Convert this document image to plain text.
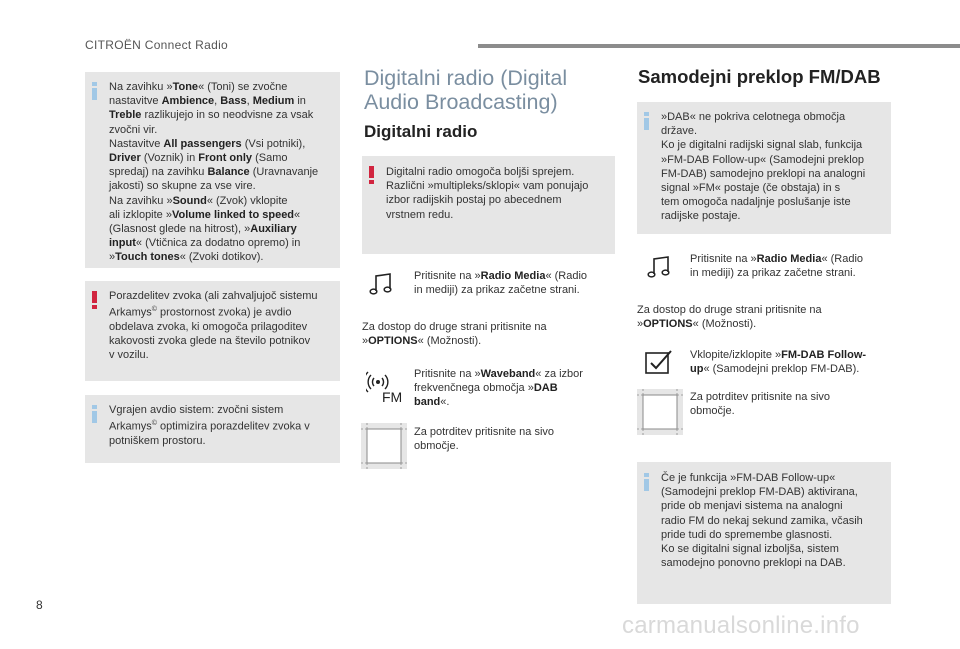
CITROËN Connect Radio

Na zavihku »Tone« (Toni) se zvočne

nastavitve Ambience, Bass, Medium in

Treble razlikujejo in so neodvisne za vsak

zvočni vir.

Nastavitve All passengers (Vsi potniki),

Driver (Voznik) in Front only (Samo

spredaj) na zavihku Balance (Uravnavanje

jakosti) so skupne za vse vire.

Na zavihku »Sound« (Zvok) vklopite

ali izklopite »Volume linked to speed«

(Glasnost glede na hitrost), »Auxiliary

input« (Vtičnica za dodatno opremo) in

»Touch tones« (Zvoki dotikov).

Porazdelitev zvoka (ali zahvaljujoč sistemu

Arkamys© prostornost zvoka) je avdio

obdelava zvoka, ki omogoča prilagoditev

kakovosti zvoka glede na število potnikov

v vozilu.

Vgrajen avdio sistem: zvočni sistem

Arkamys© optimizira porazdelitev zvoka v

potniškem prostoru.

Digitalni radio (Digital
Audio Broadcasting)
Digitalni radio

Digitalni radio omogoča boljši sprejem.

Različni »multipleks/sklopi« vam ponujajo

izbor radijskih postaj po abecednem

vrstnem redu.

Pritisnite na »Radio Media« (Radio
in mediji) za prikaz začetne strani.

Za dostop do druge strani pritisnite na
»OPTIONS« (Možnosti).

FM

Pritisnite na »Waveband« za izbor
frekvenčnega območja »DAB
band«.

Za potrditev pritisnite na sivo
območje.

Samodejni preklop FM/DAB

»DAB« ne pokriva celotnega območja

države.

Ko je digitalni radijski signal slab, funkcija

»FM-DAB Follow-up« (Samodejni preklop

FM-DAB) samodejno preklopi na analogni

signal »FM« postaje (če obstaja) in s

tem omogoča nadaljnje poslušanje iste

radijske postaje.

Pritisnite na »Radio Media« (Radio
in mediji) za prikaz začetne strani.

Za dostop do druge strani pritisnite na
»OPTIONS« (Možnosti).

Vklopite/izklopite »FM-DAB Follow-
up« (Samodejni preklop FM-DAB).

Za potrditev pritisnite na sivo
območje.

Če je funkcija »FM-DAB Follow-up«

(Samodejni preklop FM-DAB) aktivirana,

pride ob menjavi sistema na analogni

radio FM do nekaj sekund zamika, včasih

pride tudi do spremembe glasnosti.

Ko se digitalni signal izboljša, sistem

samodejno ponovno preklopi na DAB.

8
carmanualsonline.info
